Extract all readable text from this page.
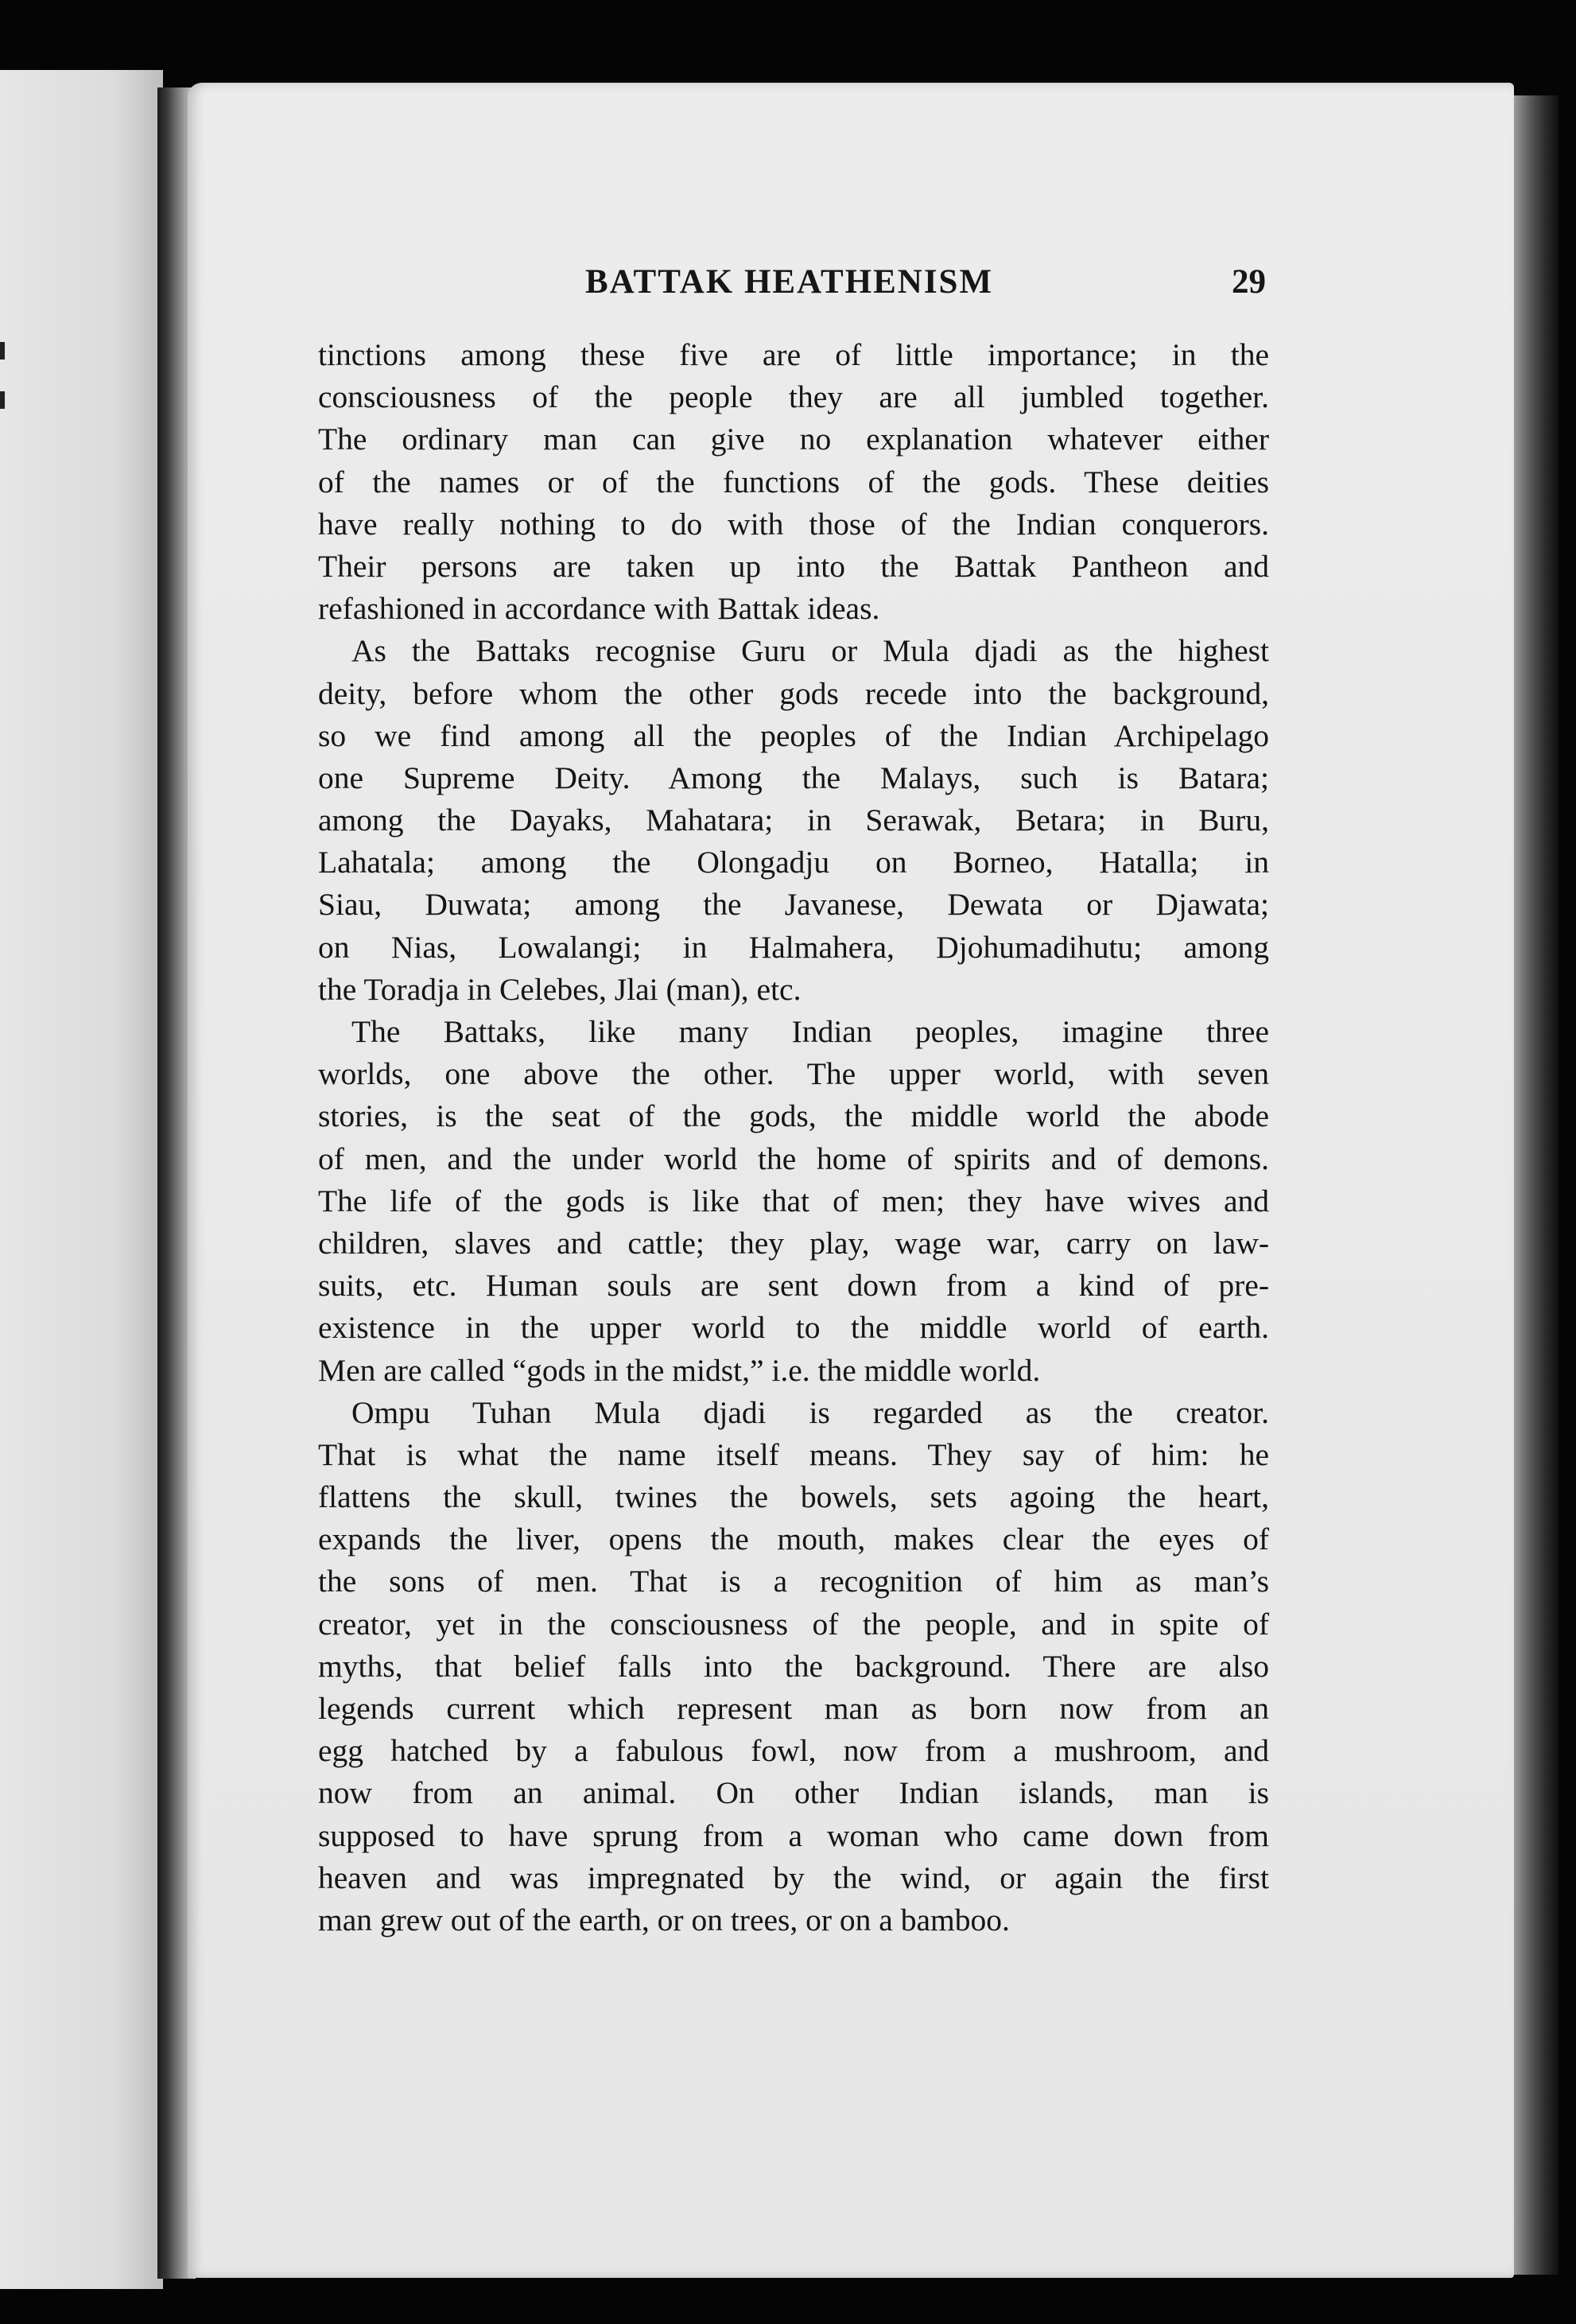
BATTAK HEATHENISM	29
tinctions among these five are of little importance; in the
consciousness of the people they are all jumbled together.
The ordinary man can give no explanation whatever either
of the names or of the functions of the gods. These deities
have really nothing to do with those of the Indian conquerors.
Their persons are taken up into the Battak Pantheon and
refashioned in accordance with Battak ideas.
As the Battaks recognise Guru or Mula djadi as the highest
deity, before whom the other gods recede into the background,
so we find among all the peoples of the Indian Archipelago
one Supreme Deity. Among the Malays, such is Batara;
among the Dayaks, Mahatara; in Serawak, Betara; in Buru,
Lahatala; among the Olongadju on Borneo, Hatalla; in
Siau, Duwata; among the Javanese, Dewata or Djawata;
on Nias, Lowalangi; in Halmahera, Djohumadihutu; among
the Toradja in Celebes, Jlai (man), etc.
The Battaks, like many Indian peoples, imagine three
worlds, one above the other. The upper world, with seven
stories, is the seat of the gods, the middle world the abode
of men, and the under world the home of spirits and of demons.
The life of the gods is like that of men; they have wives and
children, slaves and cattle; they play, wage war, carry on law-
suits, etc. Human souls are sent down from a kind of pre-
existence in the upper world to the middle world of earth.
Men are called “gods in the midst,” i.e. the middle world.
Ompu Tuhan Mula djadi is regarded as the creator.
That is what the name itself means. They say of him: he
flattens the skull, twines the bowels, sets agoing the heart,
expands the liver, opens the mouth, makes clear the eyes of
the sons of men. That is a recognition of him as man’s
creator, yet in the consciousness of the people, and in spite of
myths, that belief falls into the background. There are also
legends current which represent man as born now from an
egg hatched by a fabulous fowl, now from a mushroom, and
now from an animal. On other Indian islands, man is
supposed to have sprung from a woman who came down from
heaven and was impregnated by the wind, or again the first
man grew out of the earth, or on trees, or on a bamboo.
